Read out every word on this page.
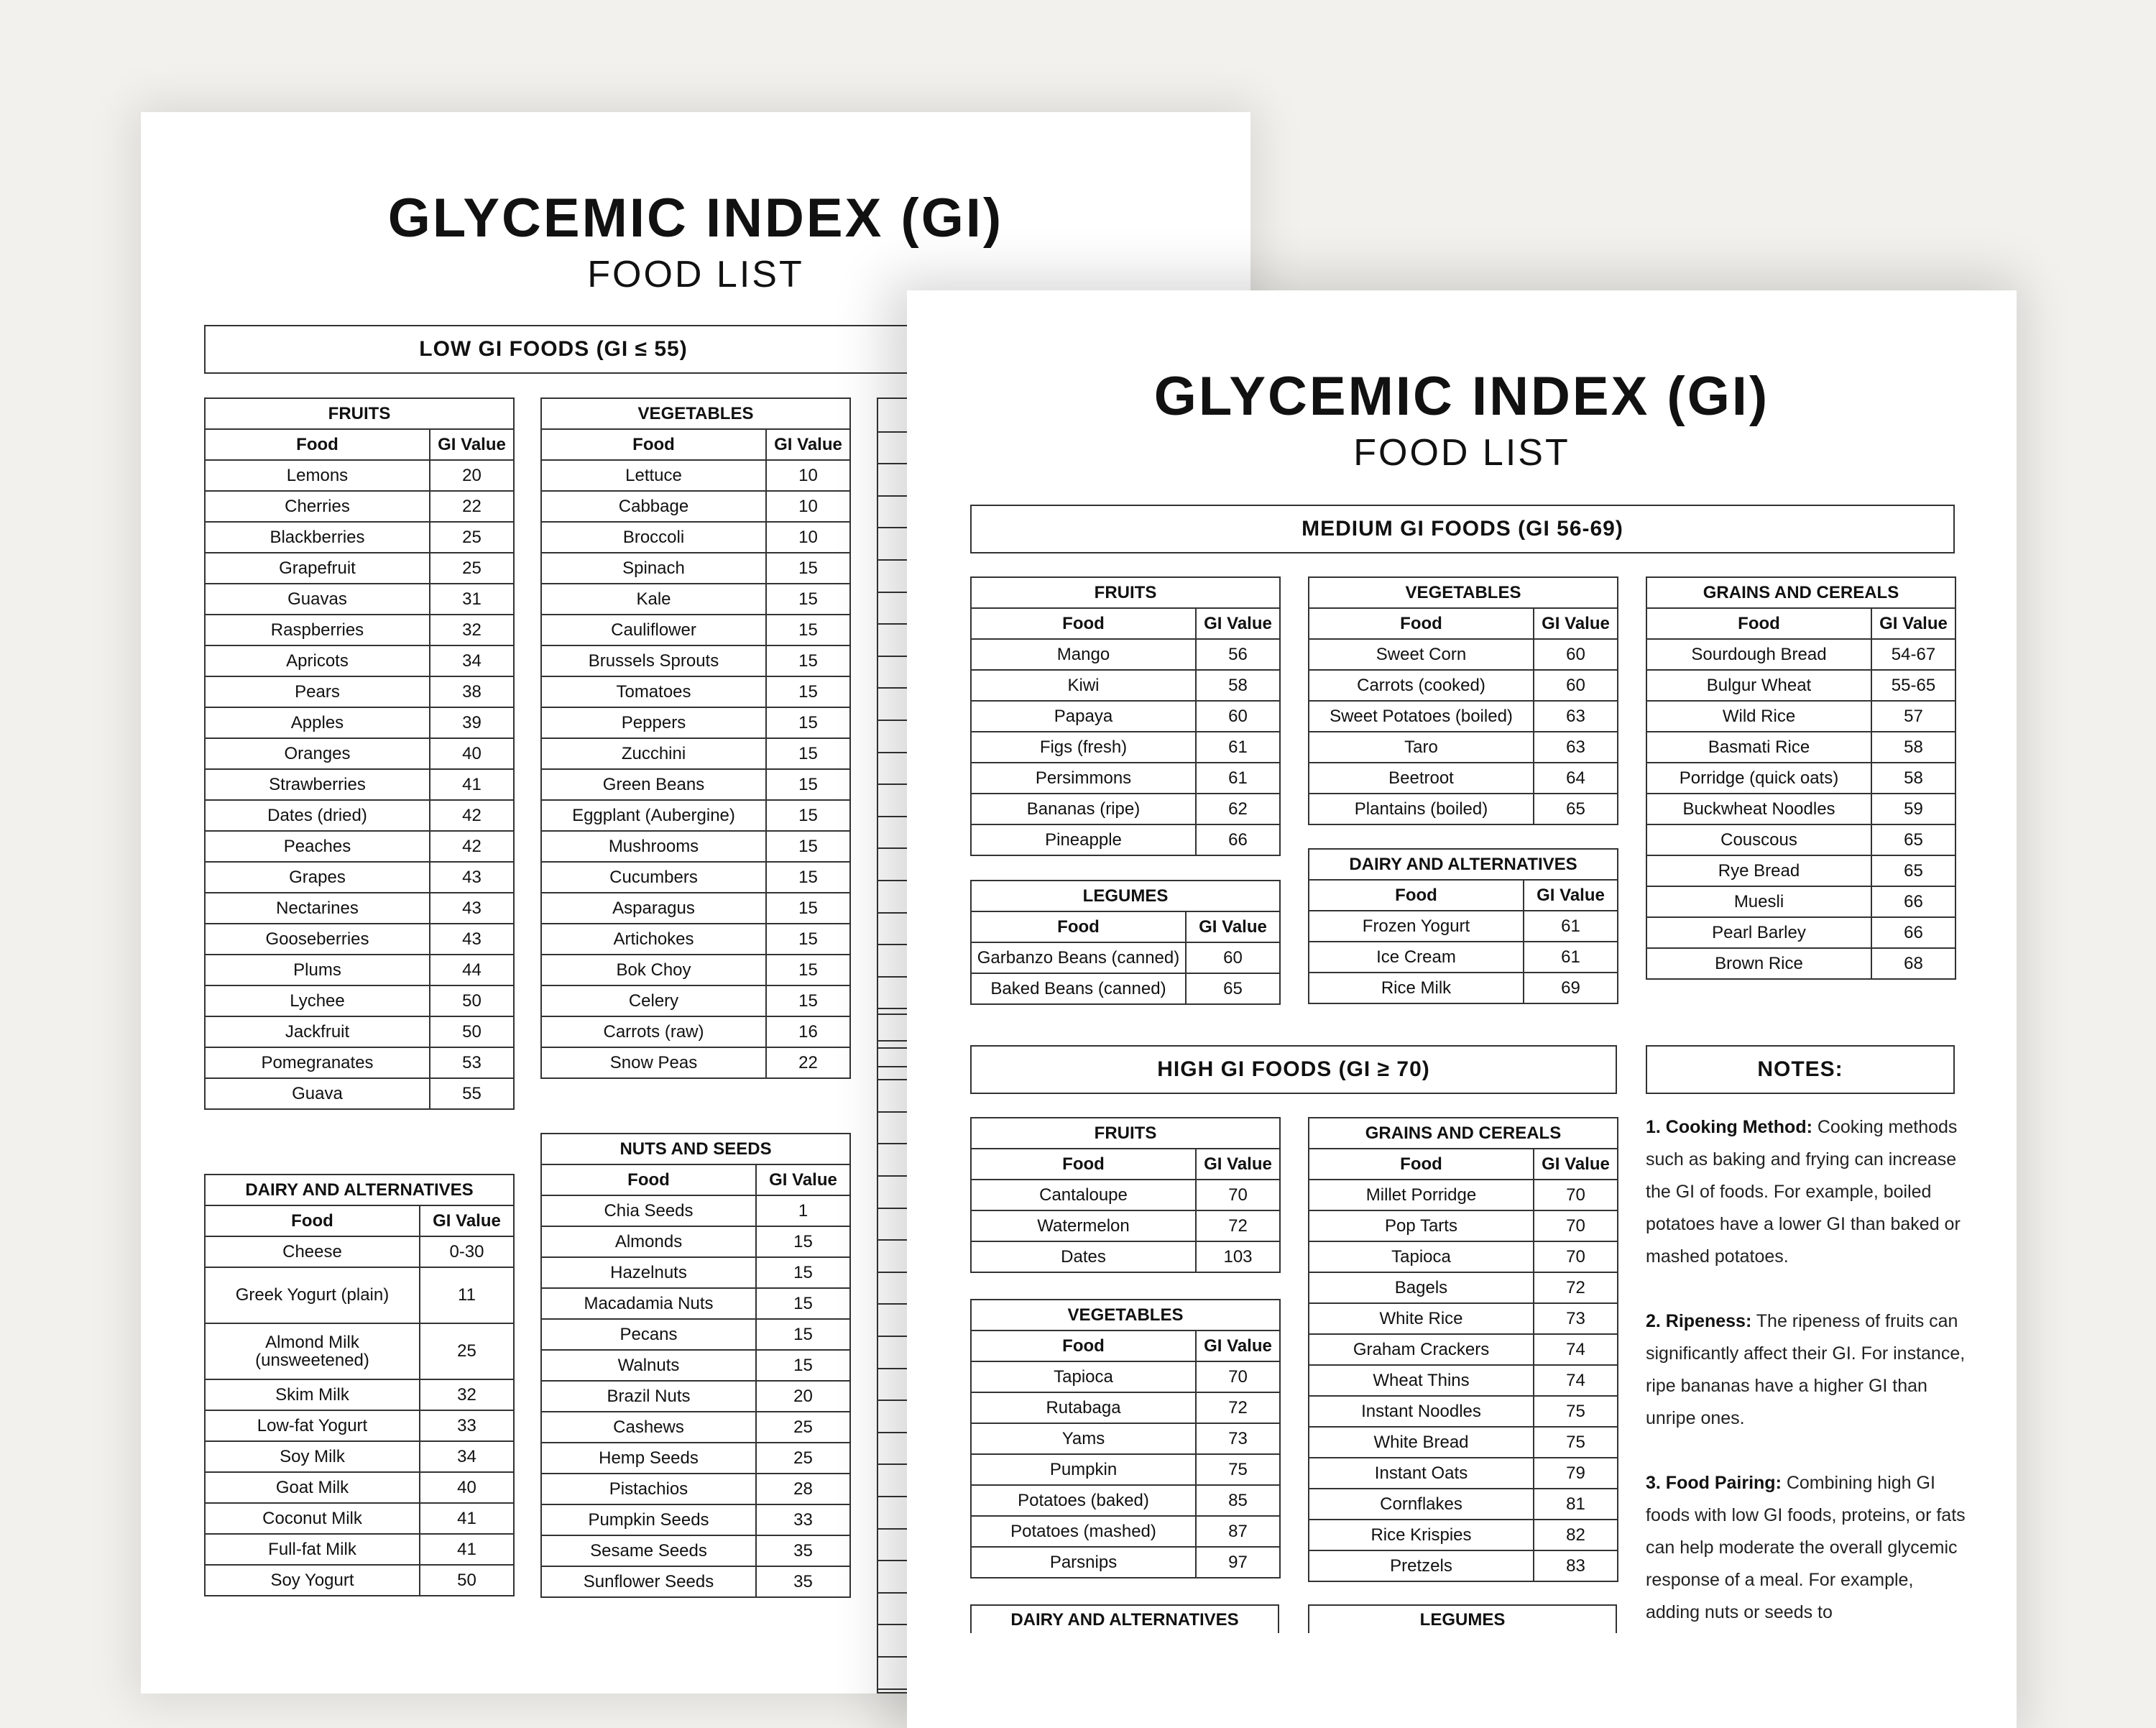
GLYCEMIC INDEX (GI)
FOOD LIST
LOW GI FOODS (GI ≤ 55)
FRUITS	
Food	GI Value
Lemons	20
Cherries	22
Blackberries	25
Grapefruit	25
Guavas	31
Raspberries	32
Apricots	34
Pears	38
Apples	39
Oranges	40
Strawberries	41
Dates (dried)	42
Peaches	42
Grapes	43
Nectarines	43
Gooseberries	43
Plums	44
Lychee	50
Jackfruit	50
Pomegranates	53
Guava	55
VEGETABLES	
Food	GI Value
Lettuce	10
Cabbage	10
Broccoli	10
Spinach	15
Kale	15
Cauliflower	15
Brussels Sprouts	15
Tomatoes	15
Peppers	15
Zucchini	15
Green Beans	15
Eggplant (Aubergine)	15
Mushrooms	15
Cucumbers	15
Asparagus	15
Artichokes	15
Bok Choy	15
Celery	15
Carrots (raw)	16
Snow Peas	22
DAIRY AND ALTERNATIVES	
Food	GI Value
Cheese	0-30
Greek Yogurt (plain)	11
Almond Milk (unsweetened)	25
Skim Milk	32
Low-fat Yogurt	33
Soy Milk	34
Goat Milk	40
Coconut Milk	41
Full-fat Milk	41
Soy Yogurt	50
NUTS AND SEEDS	
Food	GI Value
Chia Seeds	1
Almonds	15
Hazelnuts	15
Macadamia Nuts	15
Pecans	15
Walnuts	15
Brazil Nuts	20
Cashews	25
Hemp Seeds	25
Pistachios	28
Pumpkin Seeds	33
Sesame Seeds	35
Sunflower Seeds	35
GLYCEMIC INDEX (GI)
FOOD LIST
MEDIUM GI FOODS (GI 56-69)
FRUITS	
Food	GI Value
Mango	56
Kiwi	58
Papaya	60
Figs (fresh)	61
Persimmons	61
Bananas (ripe)	62
Pineapple	66
VEGETABLES	
Food	GI Value
Sweet Corn	60
Carrots (cooked)	60
Sweet Potatoes (boiled)	63
Taro	63
Beetroot	64
Plantains (boiled)	65
GRAINS AND CEREALS	
Food	GI Value
Sourdough Bread	54-67
Bulgur Wheat	55-65
Wild Rice	57
Basmati Rice	58
Porridge (quick oats)	58
Buckwheat Noodles	59
Couscous	65
Rye Bread	65
Muesli	66
Pearl Barley	66
Brown Rice	68
LEGUMES	
Food	GI Value
Garbanzo Beans (canned)	60
Baked Beans (canned)	65
DAIRY AND ALTERNATIVES	
Food	GI Value
Frozen Yogurt	61
Ice Cream	61
Rice Milk	69
HIGH GI FOODS (GI ≥ 70)	NOTES:
FRUITS	
Food	GI Value
Cantaloupe	70
Watermelon	72
Dates	103
VEGETABLES	
Food	GI Value
Tapioca	70
Rutabaga	72
Yams	73
Pumpkin	75
Potatoes (baked)	85
Potatoes (mashed)	87
Parsnips	97
GRAINS AND CEREALS	
Food	GI Value
Millet Porridge	70
Pop Tarts	70
Tapioca	70
Bagels	72
White Rice	73
Graham Crackers	74
Wheat Thins	74
Instant Noodles	75
White Bread	75
Instant Oats	79
Cornflakes	81
Rice Krispies	82
Pretzels	83
DAIRY AND ALTERNATIVES	LEGUMES

1. Cooking Method: Cooking methods such as baking and frying can increase the GI of foods. For example, boiled potatoes have a lower GI than baked or mashed potatoes.

2. Ripeness: The ripeness of fruits can significantly affect their GI. For instance, ripe bananas have a higher GI than unripe ones.

3. Food Pairing: Combining high GI foods with low GI foods, proteins, or fats can help moderate the overall glycemic response of a meal. For example, adding nuts or seeds to
